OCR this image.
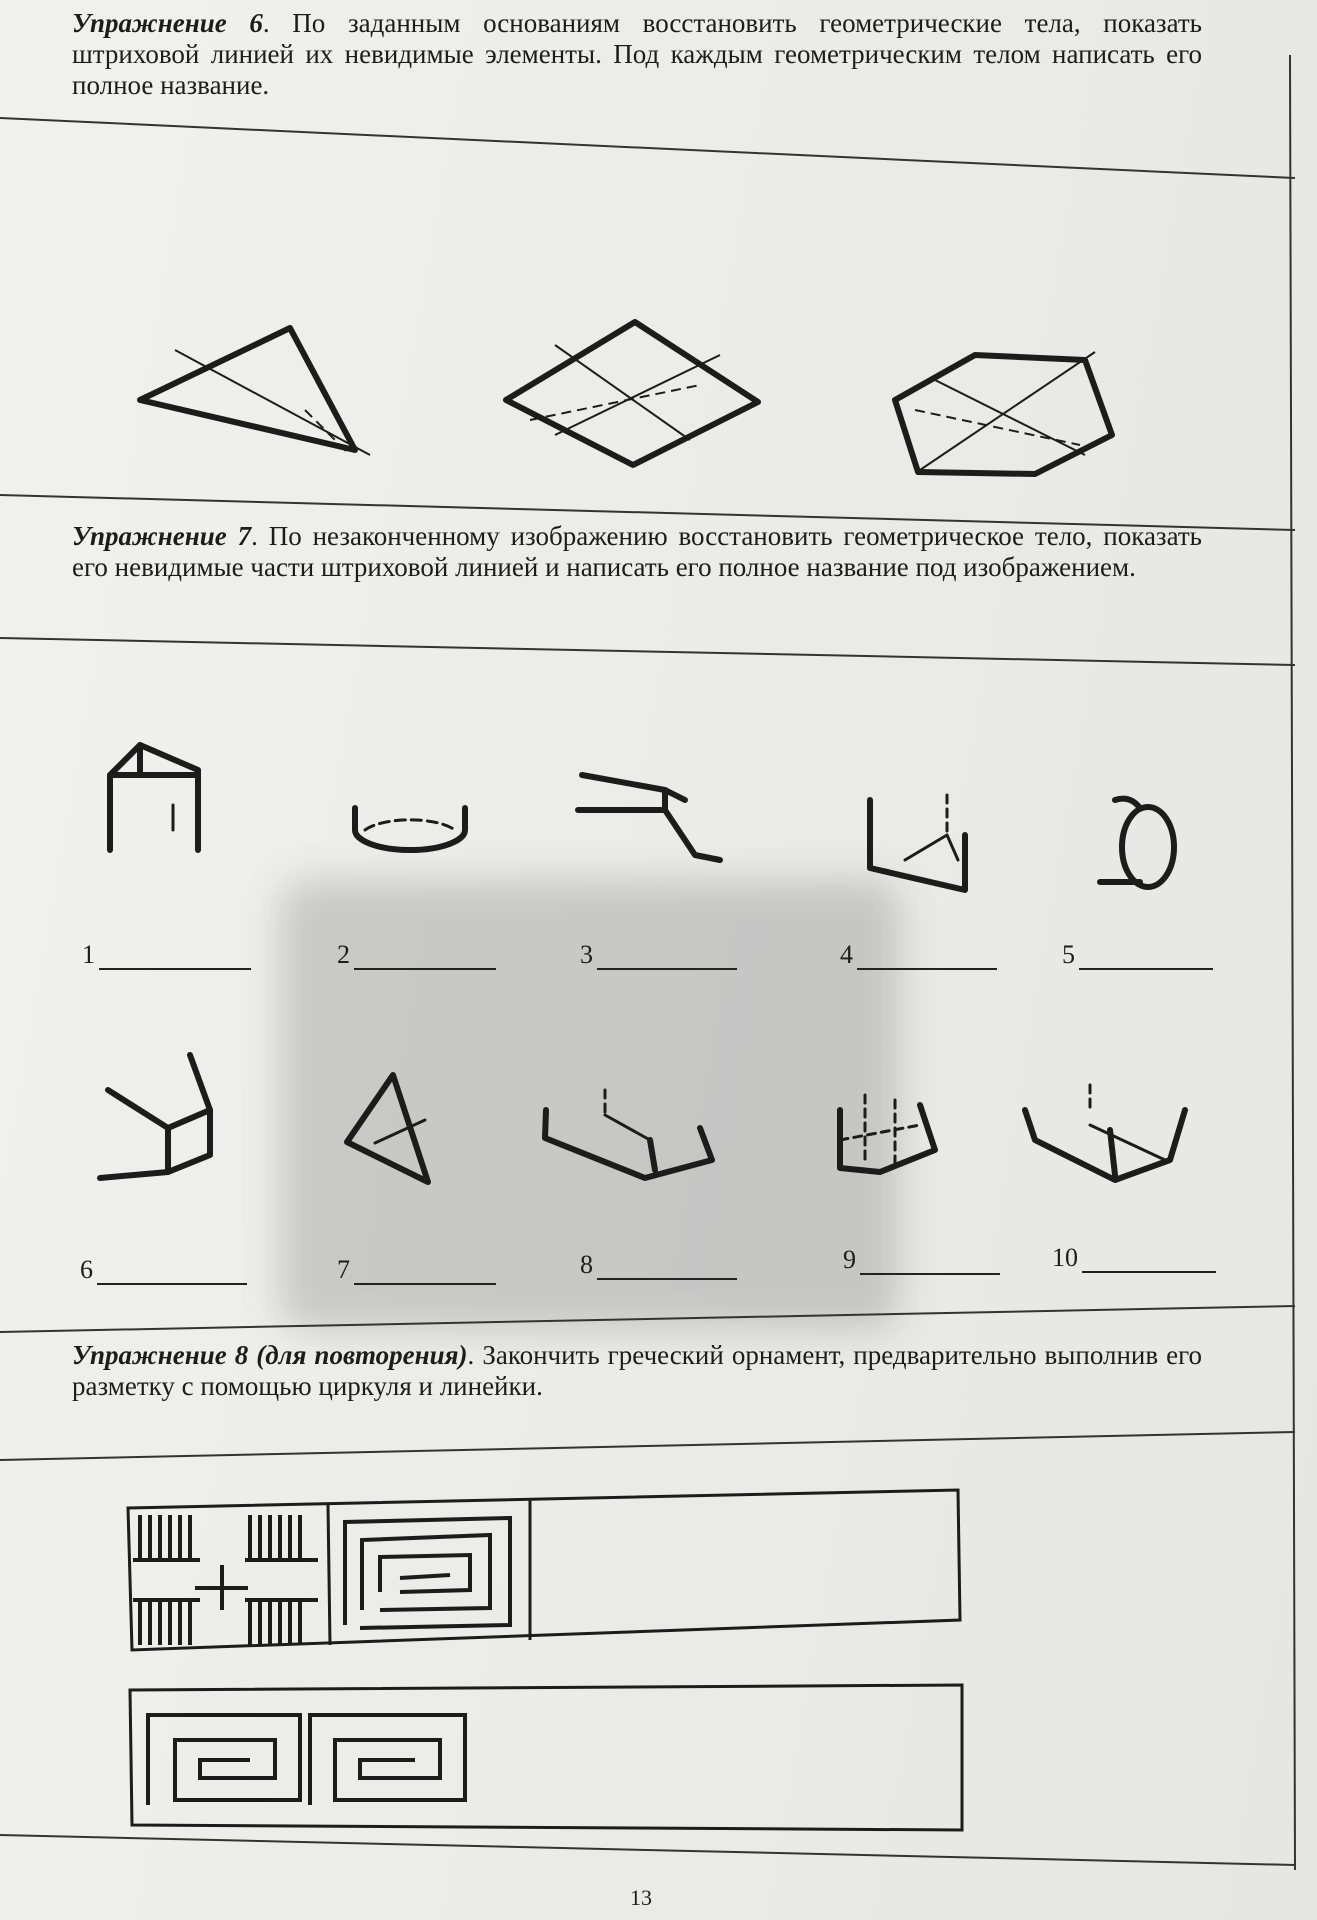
Упражнение 6. По заданным основаниям восстановить геометрические тела, показать штриховой линией их невидимые элементы. Под каждым геометрическим телом написать его полное название.

Упражнение 7. По незаконченному изображению восстановить геометрическое тело, показать его невидимые части штриховой линией и написать его полное название под изображением.

Упражнение 8 (для повторения). Закончить греческий орнамент, предварительно выполнив его разметку с помощью циркуля и линейки.

1	2	3	4	5
6	7	8	9	10
13
